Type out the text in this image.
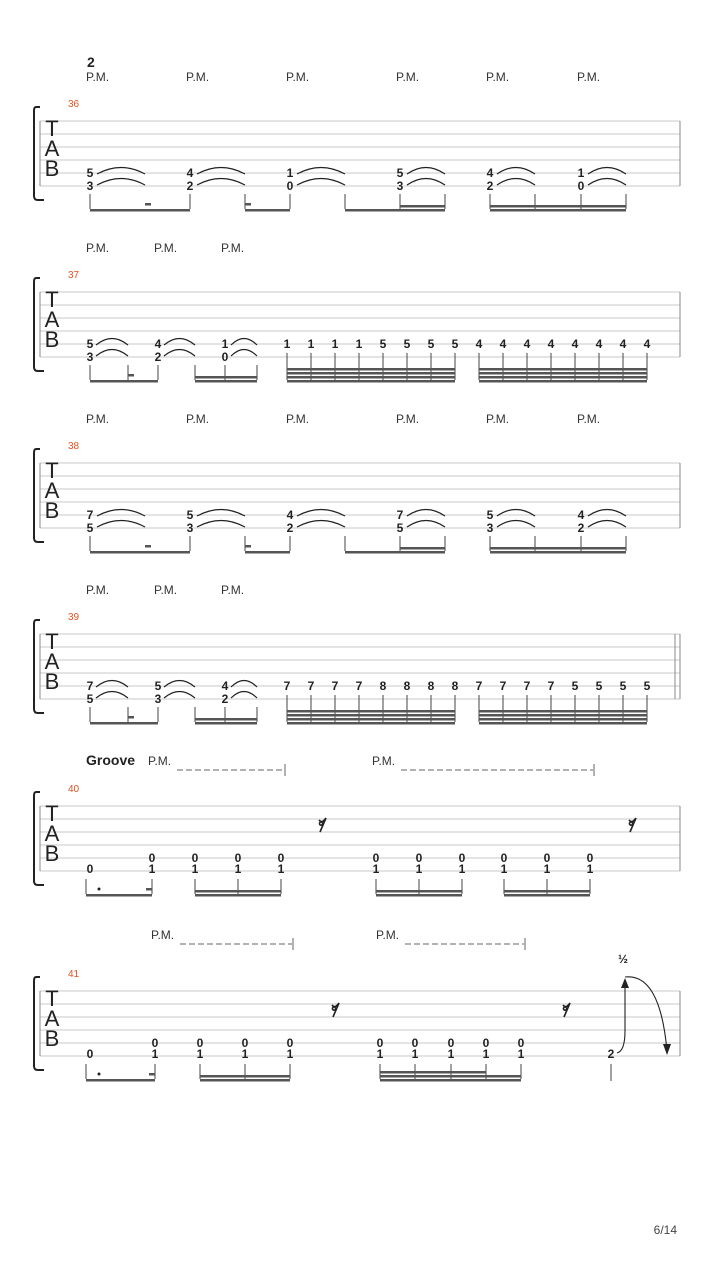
2
T
A
B
36
P.M.	P.M.	P.M.	P.M.	P.M.	P.M.
5
3
4
2
1
0
5
3
4
2
1
0
T
A
B
37
P.M.	P.M.	P.M.
5
3
4
2
1
0
1 1 1 1 5 5 5 5 4 4 4 4 4 4 4 4
T
A
B
38
P.M.	P.M.	P.M.	P.M.	P.M.	P.M.
7
5
5
3
4
2
7
5
5
3
4
2
T
A
B
39
P.M.	P.M.	P.M.
7
5
5
3
4
2
7 7 7 7 8 8 8 8 7 7 7 7 5 5 5 5
T
A
B
40
Groove P.M.	P.M.
0
0
1
0
1
0
1
0
1
0
1
0
1
0
1
0
1
0
1
0
1
T
A
B
41
P.M.	P.M.
0
0
1
0
1
0
1
0
1
0
1
0
1
0
1
0
1
0
1	2
½
6/14
